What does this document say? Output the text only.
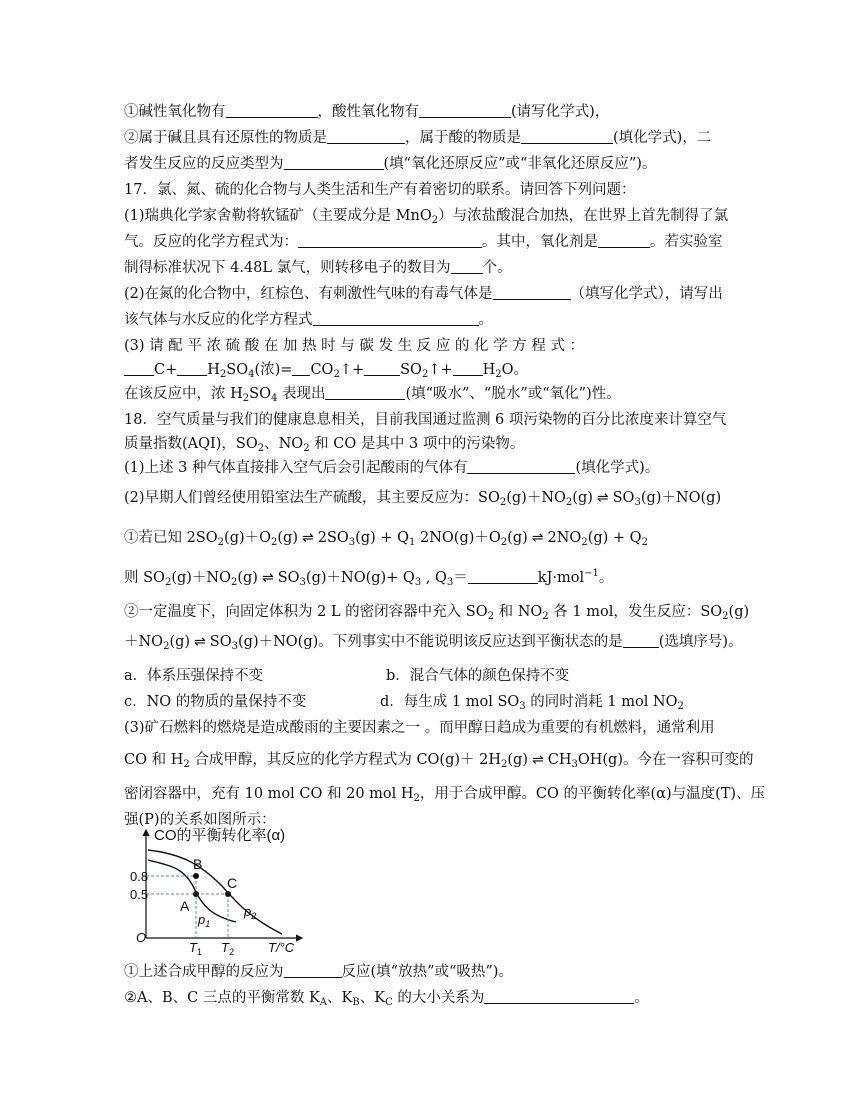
①碱性氧化物有	，酸性氧化物有	(请写化学式)，
②属于碱且具有还原性的物质是	，属于酸的物质是	(填化学式)，二
者发生反应的反应类型为	(填“氧化还原反应”或“非氧化还原反应”)。
17．氯、氮、硫的化合物与人类生活和生产有着密切的联系。请回答下列问题：
(1)瑞典化学家舍勒将软锰矿（主要成分是 MnO$_2$）与浓盐酸混合加热，在世界上首先制得了氯
气。反应的化学方程式为：	。其中，氧化剂是	。若实验室
制得标准状况下 4.48L 氯气，则转移电子的数目为 个。
(2)在氮的化合物中，红棕色、有刺激性气味的有毒气体是	（填写化学式），请写出
该气体与水反应的化学方程式	。
(3) 请 配 平 浓 硫 酸 在 加 热 时 与 碳 发 生 反 应 的 化 学 方 程 式 ：
$C+ H_2SO_4$(浓)= $CO_2↑+$ $SO_2↑+ H_2O$。
在该反应中，浓 $H_2SO_4$ 表现出	(填“吸水”、“脱水”或“氧化”)性。
18．空气质量与我们的健康息息相关，目前我国通过监测 6 项污染物的百分比浓度来计算空气
质量指数(AQI)，$SO_2$、$NO_2$ 和 CO 是其中 3 项中的污染物。
(1)上述 3 种气体直接排入空气后会引起酸雨的气体有	(填化学式)。
(2)早期人们曾经使用铅室法生产硫酸，其主要反应为：$SO_2(g)+NO_2(g)$ ⇌ $SO_3(g)+NO(g)$
①若已知 $2SO_2(g)+O_2(g)$ ⇌ $2SO_3(g) + Q_1$ $2NO(g)+O_2(g)$ ⇌ $2NO_2(g) + Q_2$
则 $SO_2(g)+NO_2(g)$ ⇌ $SO_3(g)+NO(g)+ Q_3$ , $Q_3=$	kJ·mol$^{-1}$。
②一定温度下，向固定体积为 2 L 的密闭容器中充入 $SO_2$ 和 $NO_2$ 各 1 mol，发生反应：$SO_2(g)$
$+NO_2(g)$ ⇌ $SO_3(g)+NO(g)$。下列事实中不能说明该反应达到平衡状态的是 (选填序号)。
a．体系压强保持不变	b．混合气体的颜色保持不变
c．NO 的物质的量保持不变	d．每生成 1 mol $SO_3$ 的同时消耗 1 mol $NO_2$
(3)矿石燃料的燃烧是造成酸雨的主要因素之一 。而甲醇日趋成为重要的有机燃料，通常利用
CO 和 $H_2$ 合成甲醇，其反应的化学方程式为 $CO(g)+ 2H_2(g)$ ⇌ $CH_3OH(g)$。今在一容积可变的
密闭容器中，充有 10 mol CO 和 20 mol $H_2$，用于合成甲醇。CO 的平衡转化率(α)与温度(T)、压
强(P)的关系如图所示：
CO的平衡转化率(α)
0.8
0.5
O
B
A
C
$p_1$
$p_2$
$T_1$ $T_2$	T/°C
①上述合成甲醇的反应为	反应(填“放热”或“吸热”)。
②A、B、C 三点的平衡常数 $K_A$、$K_B$、$K_C$ 的大小关系为	。
